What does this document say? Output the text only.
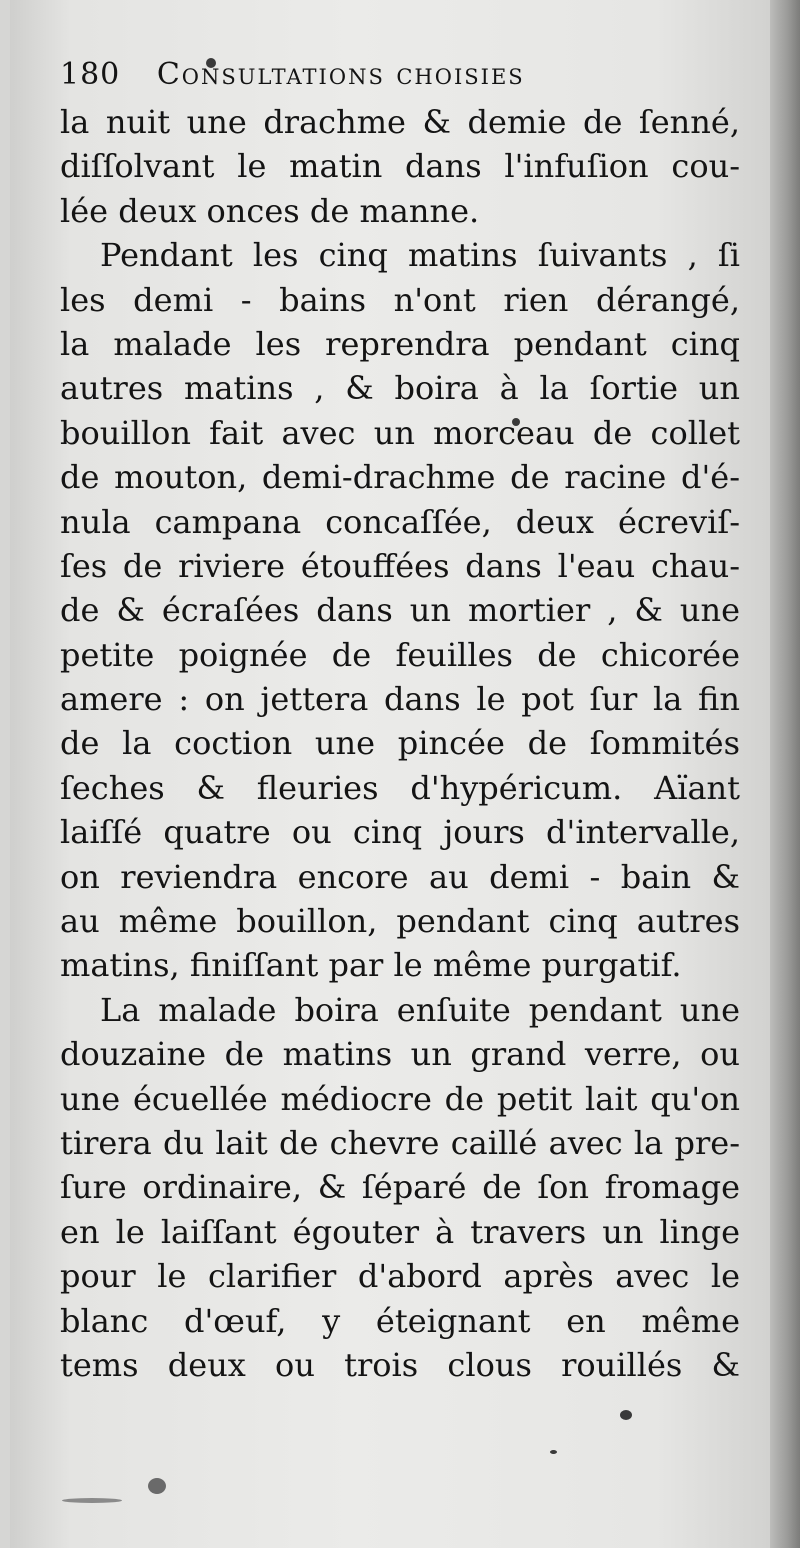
180 Consultations choisies
la nuit une drachme & demie de ſenné,
diſſolvant le matin dans l'infuſion cou-
lée deux onces de manne.
Pendant les cinq matins ſuivants , ſi
les demi - bains n'ont rien dérangé,
la malade les reprendra pendant cinq
autres matins , & boira à la ſortie un
bouillon fait avec un morceau de collet
de mouton, demi-drachme de racine d'é-
nula campana concaſſée, deux écreviſ-
ſes de riviere étouffées dans l'eau chau-
de & écraſées dans un mortier , & une
petite poignée de feuilles de chicorée
amere : on jettera dans le pot ſur la fin
de la coction une pincée de ſommités
ſeches & fleuries d'hypéricum. Aïant
laiſſé quatre ou cinq jours d'intervalle,
on reviendra encore au demi - bain &
au même bouillon, pendant cinq autres
matins, finiſſant par le même purgatif.
La malade boira enſuite pendant une
douzaine de matins un grand verre, ou
une écuellée médiocre de petit lait qu'on
tirera du lait de chevre caillé avec la pre-
ſure ordinaire, & ſéparé de ſon fromage
en le laiſſant égouter à travers un linge
pour le clarifier d'abord après avec le
blanc d'œuf, y éteignant en même
tems deux ou trois clous rouillés &
